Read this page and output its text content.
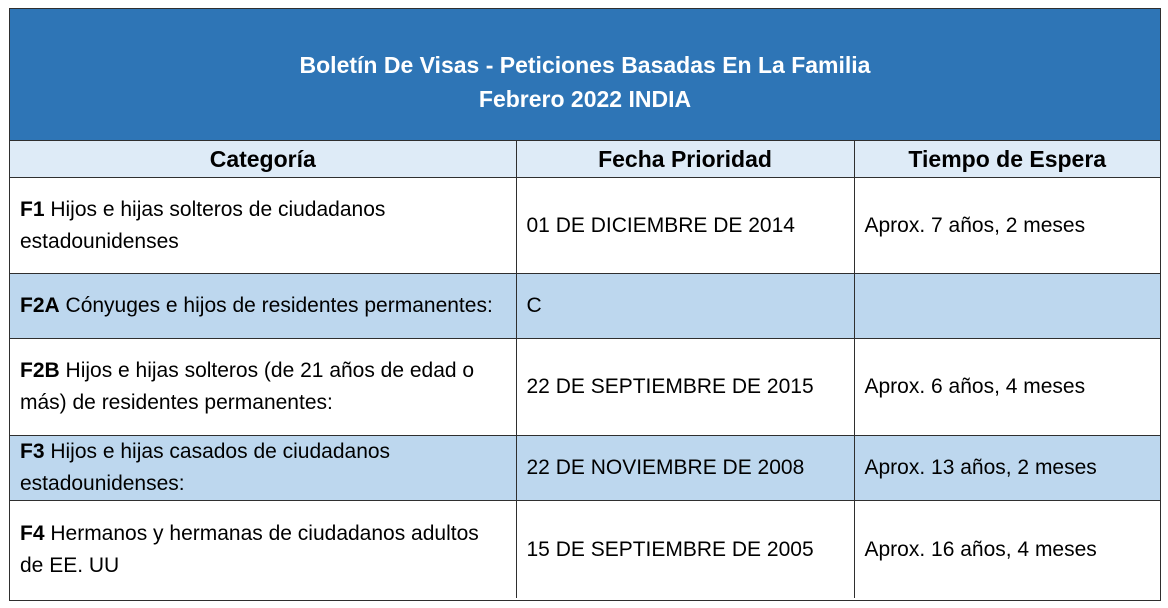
Boletín De Visas - Peticiones Basadas En La Familia
Febrero 2022 INDIA
Categoría	Fecha Prioridad	Tiempo de Espera
F1 Hijos e hijas solteros de ciudadanos estadounidenses	01 DE DICIEMBRE DE 2014	Aprox. 7 años, 2 meses
F2A Cónyuges e hijos de residentes permanentes:	C	
F2B Hijos e hijas solteros (de 21 años de edad o más) de residentes permanentes:	22 DE SEPTIEMBRE DE 2015	Aprox. 6 años, 4 meses
F3 Hijos e hijas casados de ciudadanos estadounidenses:	22 DE NOVIEMBRE DE 2008	Aprox. 13 años, 2 meses
F4 Hermanos y hermanas de ciudadanos adultos de EE. UU	15 DE SEPTIEMBRE DE 2005	Aprox. 16 años, 4 meses
